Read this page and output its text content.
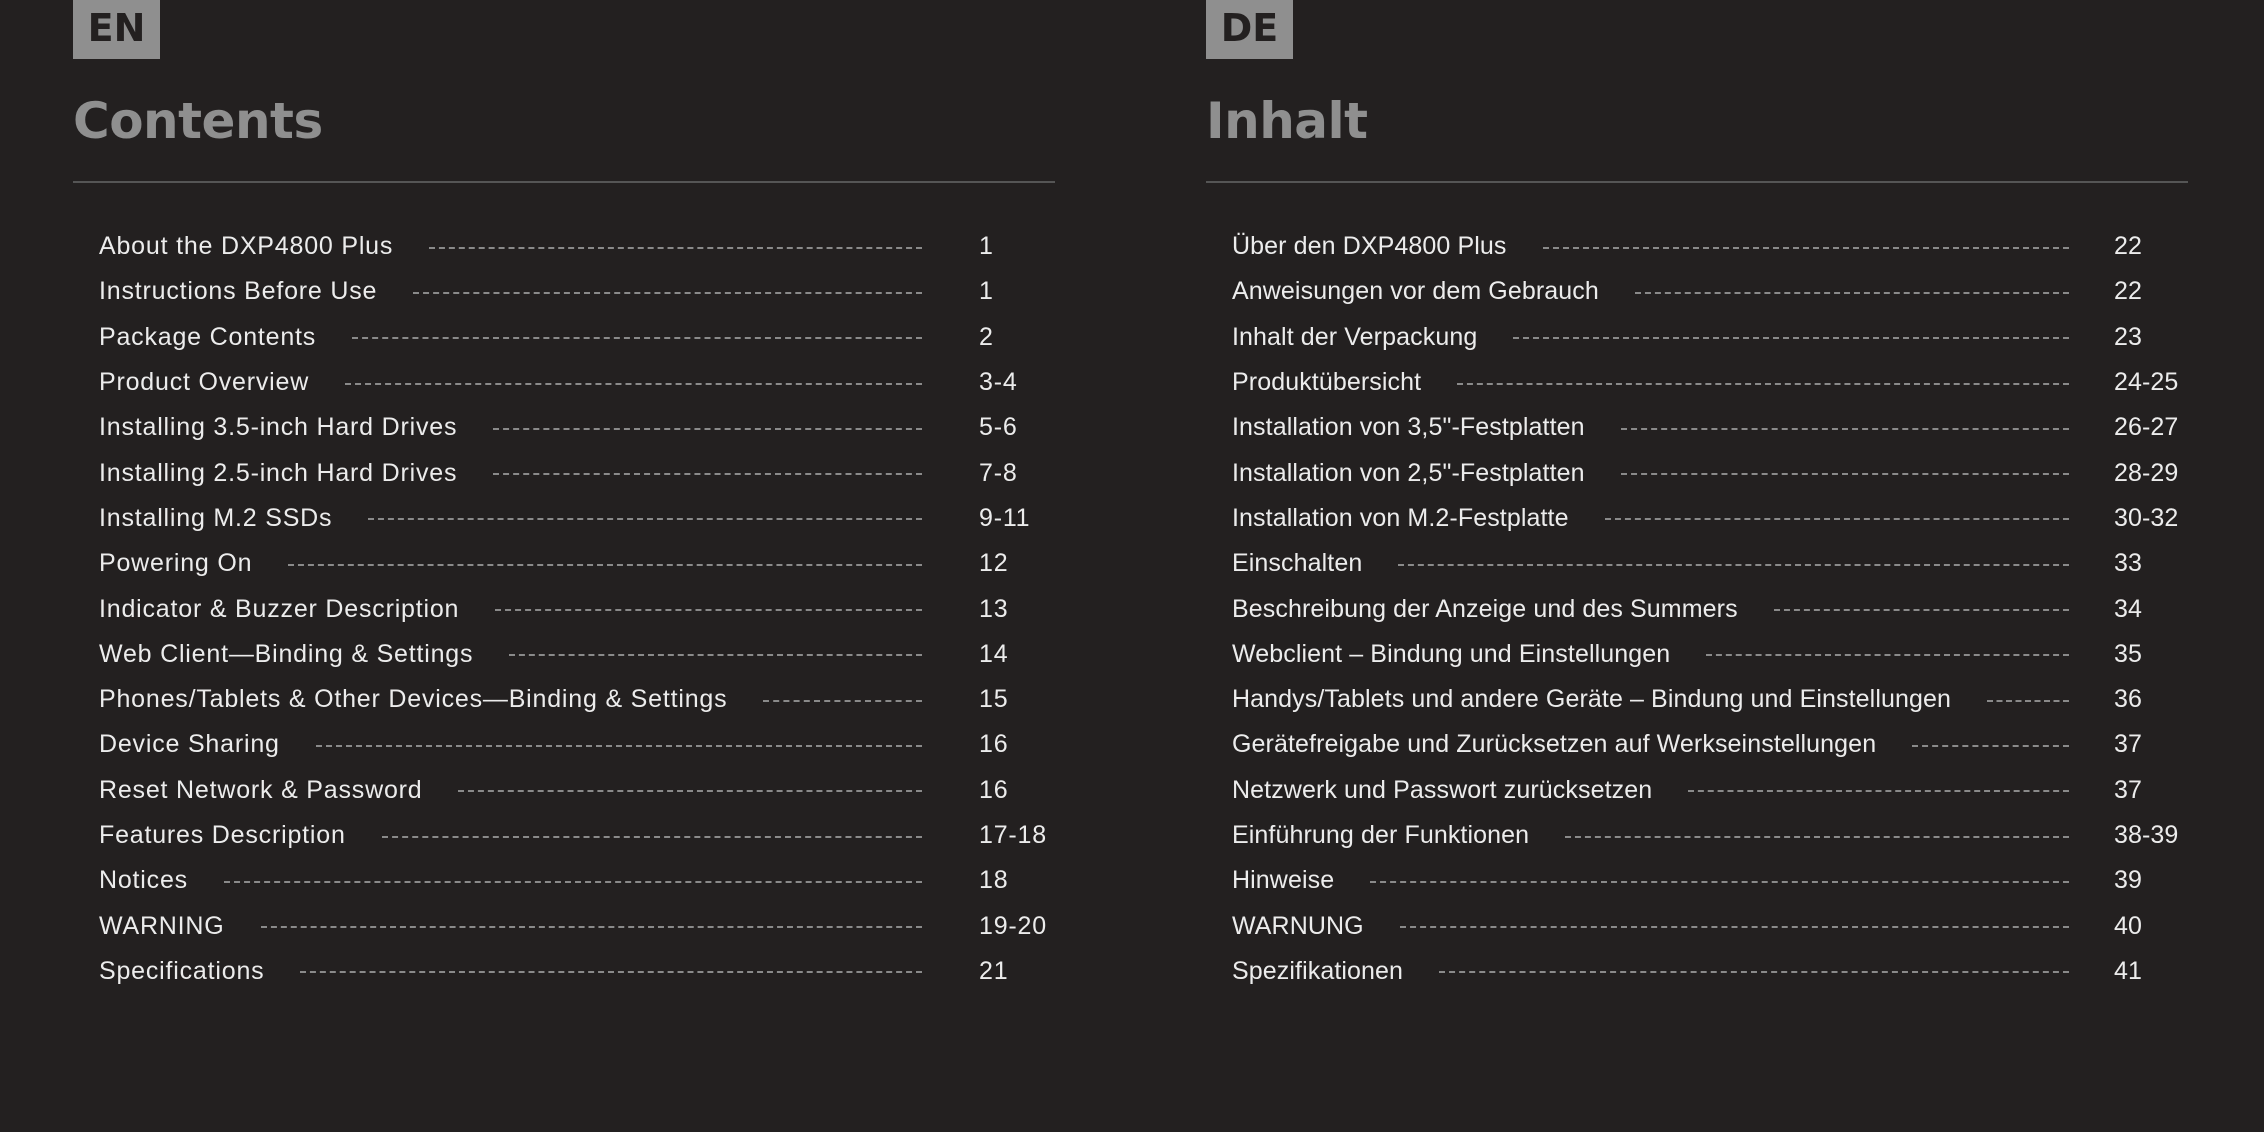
EN
Contents
About the DXP4800 Plus	1
Instructions Before Use	1
Package Contents	2
Product Overview	3-4
Installing 3.5-inch Hard Drives	5-6
Installing 2.5-inch Hard Drives	7-8
Installing M.2 SSDs	9-11
Powering On	12
Indicator & Buzzer Description	13
Web Client—Binding & Settings	14
Phones/Tablets & Other Devices—Binding & Settings	15
Device Sharing	16
Reset Network & Password	16
Features Description	17-18
Notices	18
WARNING	19-20
Specifications	21
DE
Inhalt
Über den DXP4800 Plus	22
Anweisungen vor dem Gebrauch	22
Inhalt der Verpackung	23
Produktübersicht	24-25
Installation von 3,5"-Festplatten	26-27
Installation von 2,5"-Festplatten	28-29
Installation von M.2-Festplatte	30-32
Einschalten	33
Beschreibung der Anzeige und des Summers	34
Webclient – Bindung und Einstellungen	35
Handys/Tablets und andere Geräte – Bindung und Einstellungen	36
Gerätefreigabe und Zurücksetzen auf Werkseinstellungen	37
Netzwerk und Passwort zurücksetzen	37
Einführung der Funktionen	38-39
Hinweise	39
WARNUNG	40
Spezifikationen	41
